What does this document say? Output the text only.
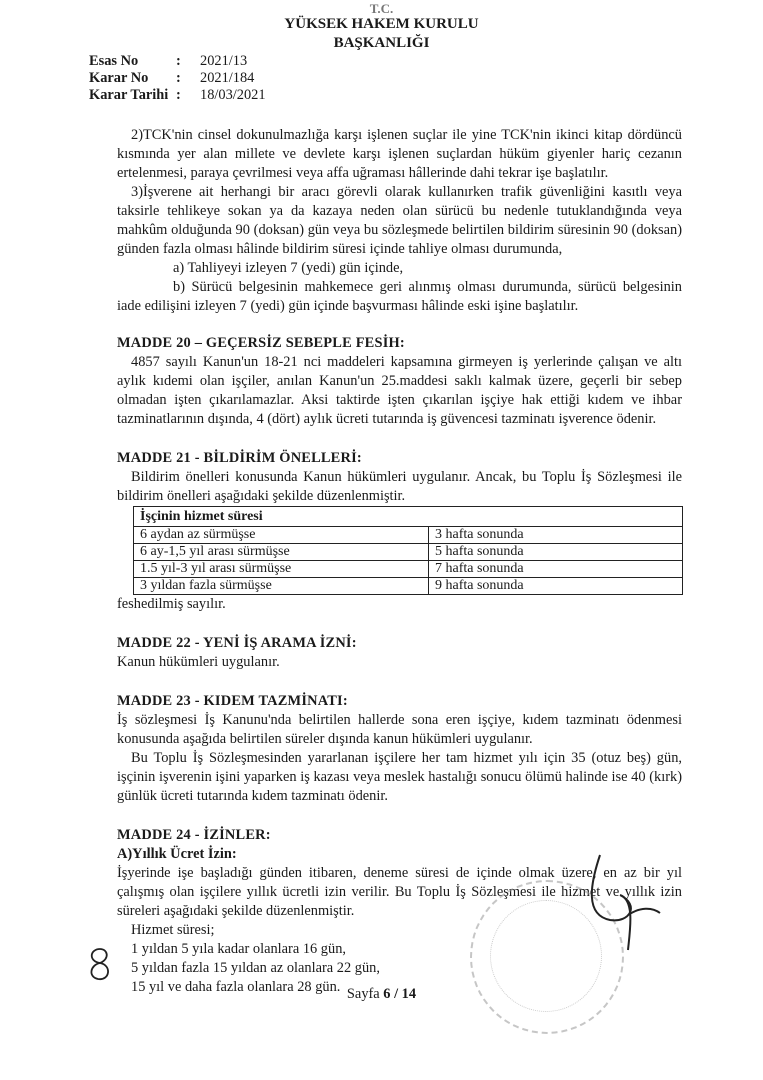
T.C.
YÜKSEK HAKEM KURULU
BAŞKANLIĞI
Esas No	:	2021/13
Karar No	:	2021/184
Karar Tarihi :	18/03/2021

2)TCK'nin cinsel dokunulmazlığa karşı işlenen suçlar ile yine TCK'nin ikinci kitap dördüncü kısmında yer alan millete ve devlete karşı işlenen suçlardan hüküm giyenler hariç cezanın ertelenmesi, paraya çevrilmesi veya affa uğraması hâllerinde dahi tekrar işe başlatılır.

3)İşverene ait herhangi bir aracı görevli olarak kullanırken trafik güvenliğini kasıtlı veya taksirle tehlikeye sokan ya da kazaya neden olan sürücü bu nedenle tutuklandığında veya mahkûm olduğunda 90 (doksan) gün veya bu sözleşmede belirtilen bildirim süresinin 90 (doksan) günden fazla olması hâlinde bildirim süresi içinde tahliye olması durumunda,

a) Tahliyeyi izleyen 7 (yedi) gün içinde,

b) Sürücü belgesinin mahkemece geri alınmış olması durumunda, sürücü belgesinin iade edilişini izleyen 7 (yedi) gün içinde başvurması hâlinde eski işine başlatılır.

MADDE 20 – GEÇERSİZ SEBEPLE FESİH:

4857 sayılı Kanun'un 18-21 nci maddeleri kapsamına girmeyen iş yerlerinde çalışan ve altı aylık kıdemi olan işçiler, anılan Kanun'un 25.maddesi saklı kalmak üzere, geçerli bir sebep olmadan işten çıkarılamazlar. Aksi taktirde işten çıkarılan işçiye hak ettiği kıdem ve ihbar tazminatlarının dışında, 4 (dört) aylık ücreti tutarında iş güvencesi tazminatı işverence ödenir.

MADDE 21 - BİLDİRİM ÖNELLERİ:

Bildirim önelleri konusunda Kanun hükümleri uygulanır. Ancak, bu Toplu İş Sözleşmesi ile bildirim önelleri aşağıdaki şekilde düzenlenmiştir.

İşçinin hizmet süresi	
6 aydan az sürmüşse	3 hafta sonunda
6 ay-1,5 yıl arası sürmüşse	5 hafta sonunda
1.5 yıl-3 yıl arası sürmüşse	7 hafta sonunda
3 yıldan fazla sürmüşse	9 hafta sonunda

feshedilmiş sayılır.

MADDE 22 - YENİ İŞ ARAMA İZNİ:

Kanun hükümleri uygulanır.

MADDE 23 - KIDEM TAZMİNATI:

İş sözleşmesi İş Kanunu'nda belirtilen hallerde sona eren işçiye, kıdem tazminatı ödenmesi konusunda aşağıda belirtilen süreler dışında kanun hükümleri uygulanır.

Bu Toplu İş Sözleşmesinden yararlanan işçilere her tam hizmet yılı için 35 (otuz beş) gün, işçinin işverenin işini yaparken iş kazası veya meslek hastalığı sonucu ölümü halinde ise 40 (kırk) günlük ücreti tutarında kıdem tazminatı ödenir.

MADDE 24 - İZİNLER:

A)Yıllık Ücret İzin:

İşyerinde işe başladığı günden itibaren, deneme süresi de içinde olmak üzere, en az bir yıl çalışmış olan işçilere yıllık ücretli izin verilir. Bu Toplu İş Sözleşmesi ile hizmet ve yıllık izin süreleri aşağıdaki şekilde düzenlenmiştir.

Hizmet süresi;

1 yıldan 5 yıla kadar olanlara 16 gün,

5 yıldan fazla 15 yıldan az olanlara 22 gün,

15 yıl ve daha fazla olanlara 28 gün. Sayfa 6 / 14
